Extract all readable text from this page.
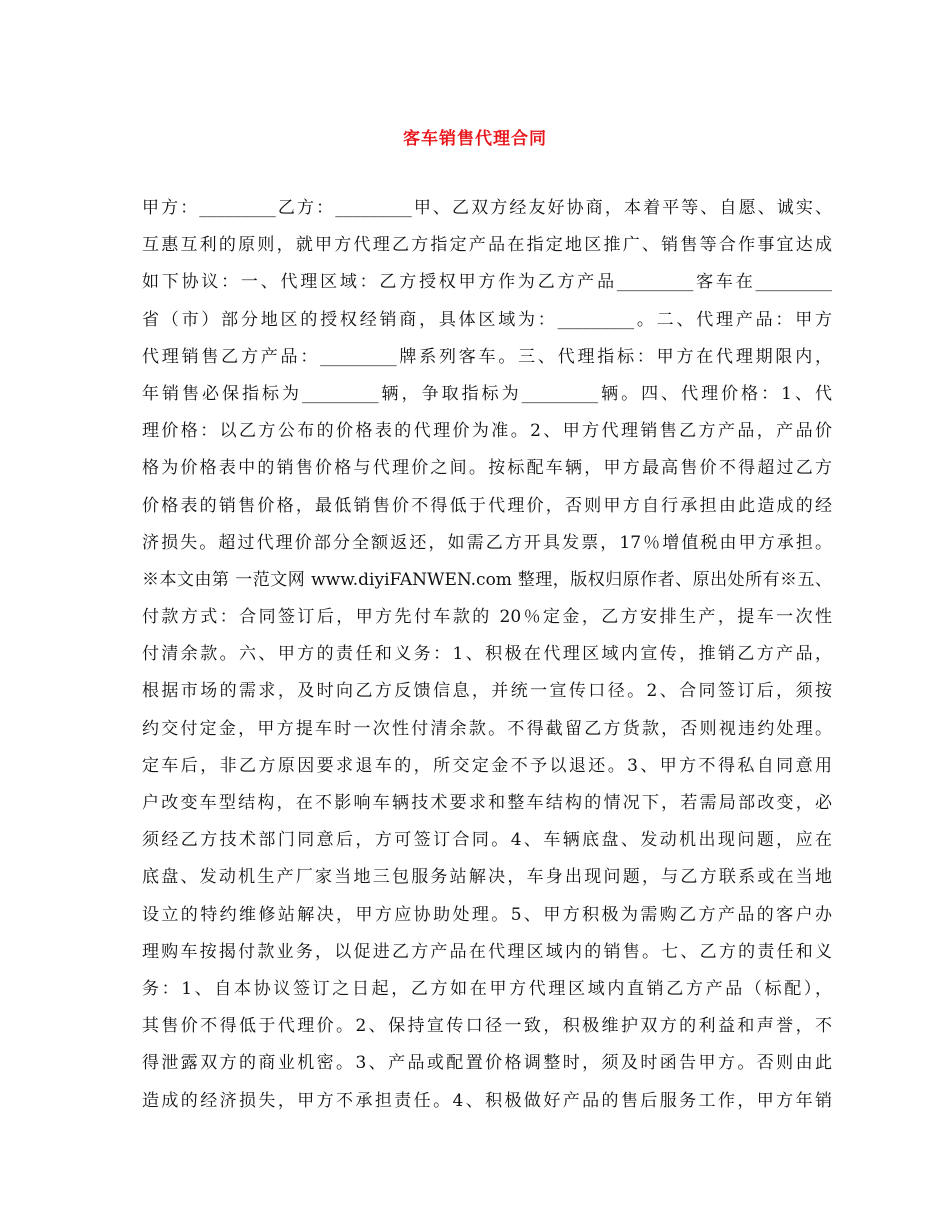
客车销售代理合同
甲方：_________乙方：_________甲、乙双方经友好协商，本着平等、自愿、诚实、
互惠互利的原则，就甲方代理乙方指定产品在指定地区推广、销售等合作事宜达成
如下协议：一、代理区域：乙方授权甲方作为乙方产品_________客车在_________
省（市）部分地区的授权经销商，具体区域为：_________。二、代理产品：甲方
代理销售乙方产品：_________牌系列客车。三、代理指标：甲方在代理期限内，
年销售必保指标为_________辆，争取指标为_________辆。四、代理价格：1、代
理价格：以乙方公布的价格表的代理价为准。2、甲方代理销售乙方产品，产品价
格为价格表中的销售价格与代理价之间。按标配车辆，甲方最高售价不得超过乙方
价格表的销售价格，最低销售价不得低于代理价，否则甲方自行承担由此造成的经
济损失。超过代理价部分全额返还，如需乙方开具发票，17％增值税由甲方承担。
※本文由第 一范文网 www.diyiFANWEN.com 整理，版权归原作者、原出处所有※五、
付款方式：合同签订后，甲方先付车款的 20％定金，乙方安排生产，提车一次性
付清余款。六、甲方的责任和义务：1、积极在代理区域内宣传，推销乙方产品，
根据市场的需求，及时向乙方反馈信息，并统一宣传口径。2、合同签订后，须按
约交付定金，甲方提车时一次性付清余款。不得截留乙方货款，否则视违约处理。
定车后，非乙方原因要求退车的，所交定金不予以退还。3、甲方不得私自同意用
户改变车型结构，在不影响车辆技术要求和整车结构的情况下，若需局部改变，必
须经乙方技术部门同意后，方可签订合同。4、车辆底盘、发动机出现问题，应在
底盘、发动机生产厂家当地三包服务站解决，车身出现问题，与乙方联系或在当地
设立的特约维修站解决，甲方应协助处理。5、甲方积极为需购乙方产品的客户办
理购车按揭付款业务，以促进乙方产品在代理区域内的销售。七、乙方的责任和义
务：1、自本协议签订之日起，乙方如在甲方代理区域内直销乙方产品（标配），
其售价不得低于代理价。2、保持宣传口径一致，积极维护双方的利益和声誉，不
得泄露双方的商业机密。3、产品或配置价格调整时，须及时函告甲方。否则由此
造成的经济损失，甲方不承担责任。4、积极做好产品的售后服务工作，甲方年销
